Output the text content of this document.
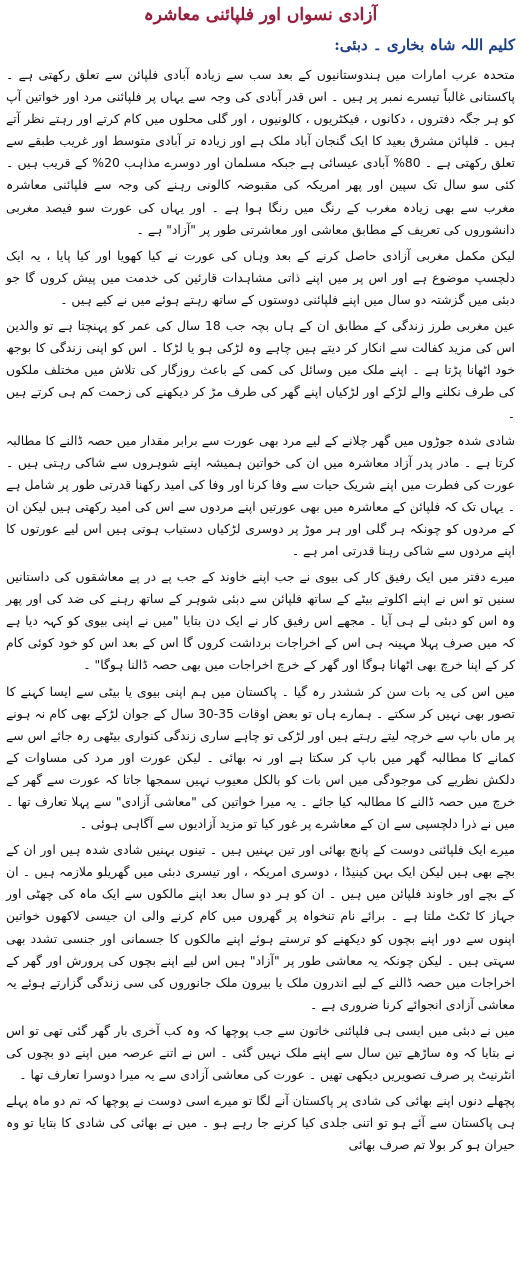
آزادی نسواں اور فلپائنی معاشرہ
کلیم اللہ شاہ بخاری ۔ دبئی:

متحدہ عرب امارات میں ہندوستانیوں کے بعد سب سے زیادہ آبادی فلپائن سے تعلق رکھتی ہے ۔ پاکستانی غالباً تیسرے نمبر پر ہیں ۔ اس قدر آبادی کی وجہ سے یہاں پر فلپائنی مرد اور خواتین آپ کو ہر جگہ دفتروں ، دکانوں ، فیکٹریوں ، کالونیوں ، اور گلی محلوں میں کام کرتے اور رہتے نظر آتے ہیں ۔ فلپائن مشرق بعید کا ایک گنجان آباد ملک ہے اور زیادہ تر آبادی متوسط اور غریب طبقے سے تعلق رکھتی ہے ۔ 80% آبادی عیسائی ہے جبکہ مسلمان اور دوسرے مذاہب 20% کے قریب ہیں ۔ کئی سو سال تک سپین اور پھر امریکہ کی مقبوضہ کالونی رہنے کی وجہ سے فلپائنی معاشرہ مغرب سے بھی زیادہ مغرب کے رنگ میں رنگا ہوا ہے ۔ اور یہاں کی عورت سو فیصد مغربی دانشوروں کی تعریف کے مطابق معاشی اور معاشرتی طور پر "آزاد" ہے ۔

لیکن مکمل مغربی آزادی حاصل کرنے کے بعد وہاں کی عورت نے کیا کھویا اور کیا پایا ، یہ ایک دلچسپ موضوع ہے اور اس پر میں اپنے ذاتی مشاہدات قارئین کی خدمت میں پیش کروں گا جو دبئی میں گزشتہ دو سال میں اپنے فلپائنی دوستوں کے ساتھ رہتے ہوئے میں نے کیے ہیں ۔

عین مغربی طرز زندگی کے مطابق ان کے ہاں بچہ جب 18 سال کی عمر کو پہنچتا ہے تو والدین اس کی مزید کفالت سے انکار کر دیتے ہیں چاہے وہ لڑکی ہو یا لڑکا ۔ اس کو اپنی زندگی کا بوجھ خود اٹھانا پڑتا ہے ۔ اپنے ملک میں وسائل کی کمی کے باعث روزگار کی تلاش میں مختلف ملکوں کی طرف نکلنے والے لڑکے اور لڑکیاں اپنے گھر کی طرف مڑ کر دیکھنے کی زحمت کم ہی کرتے ہیں ۔

شادی شدہ جوڑوں میں گھر چلانے کے لیے مرد بھی عورت سے برابر مقدار میں حصہ ڈالنے کا مطالبہ کرتا ہے ۔ مادر پدر آزاد معاشرہ میں ان کی خواتین ہمیشہ اپنے شوہروں سے شاکی رہتی ہیں ۔ عورت کی فطرت میں اپنے شریک حیات سے وفا کرنا اور وفا کی امید رکھنا قدرتی طور پر شامل ہے ۔ یہاں تک کہ فلپائن کے معاشرہ میں بھی عورتیں اپنے مردوں سے اس کی امید رکھتی ہیں لیکن ان کے مردوں کو چونکہ ہر گلی اور ہر موڑ پر دوسری لڑکیاں دستیاب ہوتی ہیں اس لیے عورتوں کا اپنے مردوں سے شاکی رہنا قدرتی امر ہے ۔

میرے دفتر میں ایک رفیق کار کی بیوی نے جب اپنے خاوند کے جب پے در پے معاشقوں کی داستانیں سنیں تو اس نے اپنے اکلوتے بیٹے کے ساتھ فلپائن سے دبئی شوہر کے ساتھ رہنے کی ضد کی اور پھر وہ اس کو دبئی لے ہی آیا ۔ مجھے اس رفیق کار نے ایک دن بتایا "میں نے اپنی بیوی کو کہہ دیا ہے کہ میں صرف پہلا مہینہ ہی اس کے اخراجات برداشت کروں گا اس کے بعد اس کو خود کوئی کام کر کے اپنا خرچ بھی اٹھانا ہوگا اور گھر کے خرچ اخراجات میں بھی حصہ ڈالنا ہوگا" ۔

میں اس کی یہ بات سن کر ششدر رہ گیا ۔ پاکستان میں ہم اپنی بیوی یا بیٹی سے ایسا کہنے کا تصور بھی نہیں کر سکتے ۔ ہمارے ہاں تو بعض اوقات 35-30 سال کے جوان لڑکے بھی کام نہ ہونے پر ماں باپ سے خرچہ لیتے رہتے ہیں اور لڑکی تو چاہے ساری زندگی کنواری بیٹھی رہ جائے اس سے کمانے کا مطالبہ گھر میں باپ کر سکتا ہے اور نہ بھائی ۔ لیکن عورت اور مرد کی مساوات کے دلکش نظریے کی موجودگی میں اس بات کو بالکل معیوب نہیں سمجھا جاتا کہ عورت سے گھر کے خرچ میں حصہ ڈالنے کا مطالبہ کیا جائے ۔ یہ میرا خواتین کی "معاشی آزادی" سے پہلا تعارف تھا ۔ میں نے ذرا دلچسپی سے ان کے معاشرے پر غور کیا تو مزید آزادیوں سے آگاہی ہوئی ۔

میرے ایک فلپائنی دوست کے پانچ بھائی اور تین بہنیں ہیں ۔ تینوں بہنیں شادی شدہ ہیں اور ان کے بچے بھی ہیں لیکن ایک بہن کینیڈا ، دوسری امریکہ ، اور تیسری دبئی میں گھریلو ملازمہ ہیں ۔ ان کے بچے اور خاوند فلپائن میں ہیں ۔ ان کو ہر دو سال بعد اپنے مالکوں سے ایک ماہ کی چھٹی اور جہاز کا ٹکٹ ملتا ہے ۔ برائے نام تنخواہ پر گھروں میں کام کرنے والی ان جیسی لاکھوں خواتین اپنوں سے دور اپنے بچوں کو دیکھنے کو ترستے ہوئے اپنے مالکوں کا جسمانی اور جنسی تشدد بھی سہتی ہیں ۔ لیکن چونکہ یہ معاشی طور پر "آزاد" ہیں اس لیے اپنے بچوں کی پرورش اور گھر کے اخراجات میں حصہ ڈالنے کے لیے اندرون ملک یا بیرون ملک جانوروں کی سی زندگی گزارتے ہوئے یہ معاشی آزادی انجوائے کرنا ضروری ہے ۔

میں نے دبئی میں ایسی ہی فلپائنی خاتون سے جب پوچھا کہ وہ کب آخری بار گھر گئی تھی تو اس نے بتایا کہ وہ ساڑھے تین سال سے اپنے ملک نہیں گئی ۔ اس نے اتنے عرصہ میں اپنے دو بچوں کی انٹرنیٹ پر صرف تصویریں دیکھی تھیں ۔ عورت کی معاشی آزادی سے یہ میرا دوسرا تعارف تھا ۔

پچھلے دنوں اپنے بھائی کی شادی پر پاکستان آنے لگا تو میرے اسی دوست نے پوچھا کہ تم دو ماہ پہلے ہی پاکستان سے آئے ہو تو اتنی جلدی کیا کرنے جا رہے ہو ۔ میں نے بھائی کی شادی کا بتایا تو وہ حیران ہو کر بولا تم صرف بھائی
